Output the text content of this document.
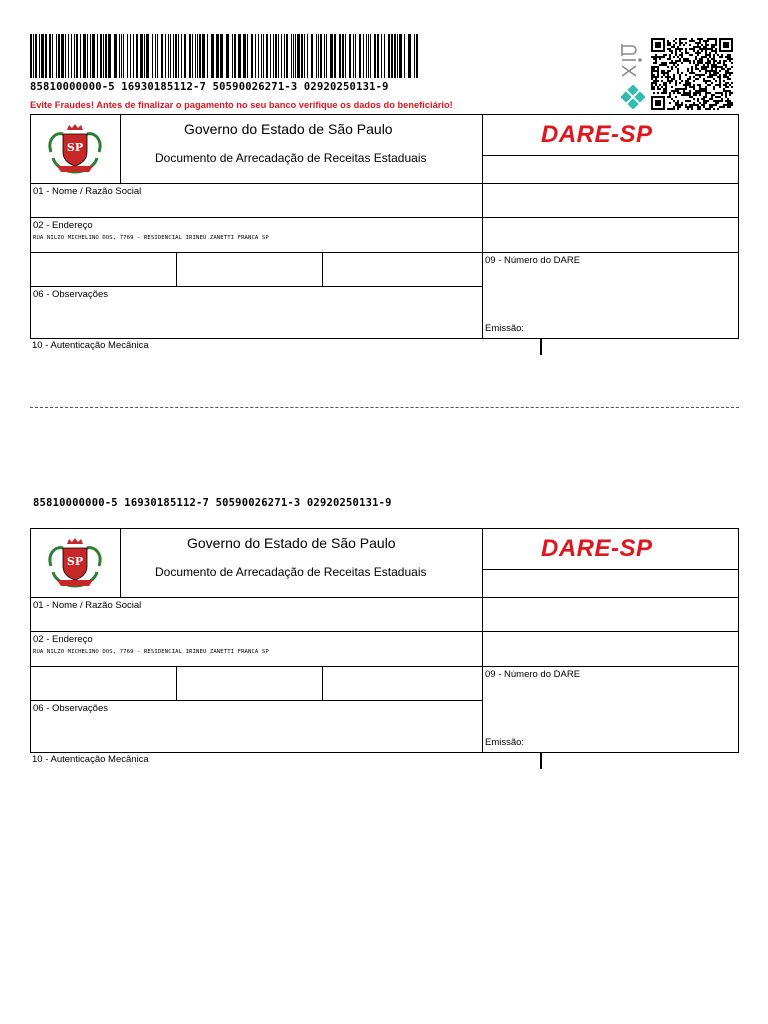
85810000000-5 16930185112-7 50590026271-3 02920250131-9
Evite Fraudes! Antes de finalizar o pagamento no seu banco verifique os dados do beneficiário!
SP
Governo do Estado de São Paulo
Documento de Arrecadação de Receitas Estaduais
DARE-SP
01 - Nome / Razão Social
02 - Endereço
RUA NILZO MICHELINO DOS, 7769 - RESIDENCIAL IRINEU ZANETTI FRANCA SP
06 - Observações
09 - Número do DARE
Emissão:
10 - Autenticação Mecânica
85810000000-5 16930185112-7 50590026271-3 02920250131-9
SP
Governo do Estado de São Paulo
Documento de Arrecadação de Receitas Estaduais
DARE-SP
01 - Nome / Razão Social
02 - Endereço
RUA NILZO MICHELINO DOS, 7769 - RESIDENCIAL IRINEU ZANETTI FRANCA SP
06 - Observações
09 - Número do DARE
Emissão:
10 - Autenticação Mecânica
